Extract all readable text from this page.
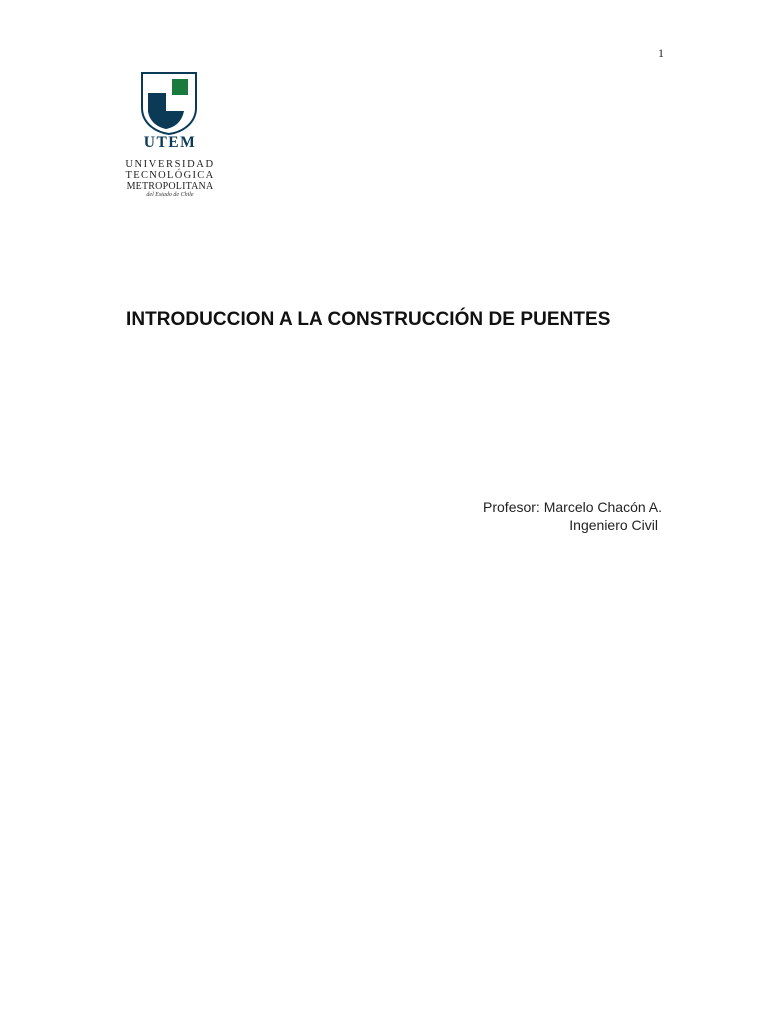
1
UTEM
UNIVERSIDAD
TECNOLÓGICA
METROPOLITANA
del Estado de Chile
INTRODUCCION A LA CONSTRUCCIÓN DE PUENTES
Profesor: Marcelo Chacón A.
Ingeniero Civil
